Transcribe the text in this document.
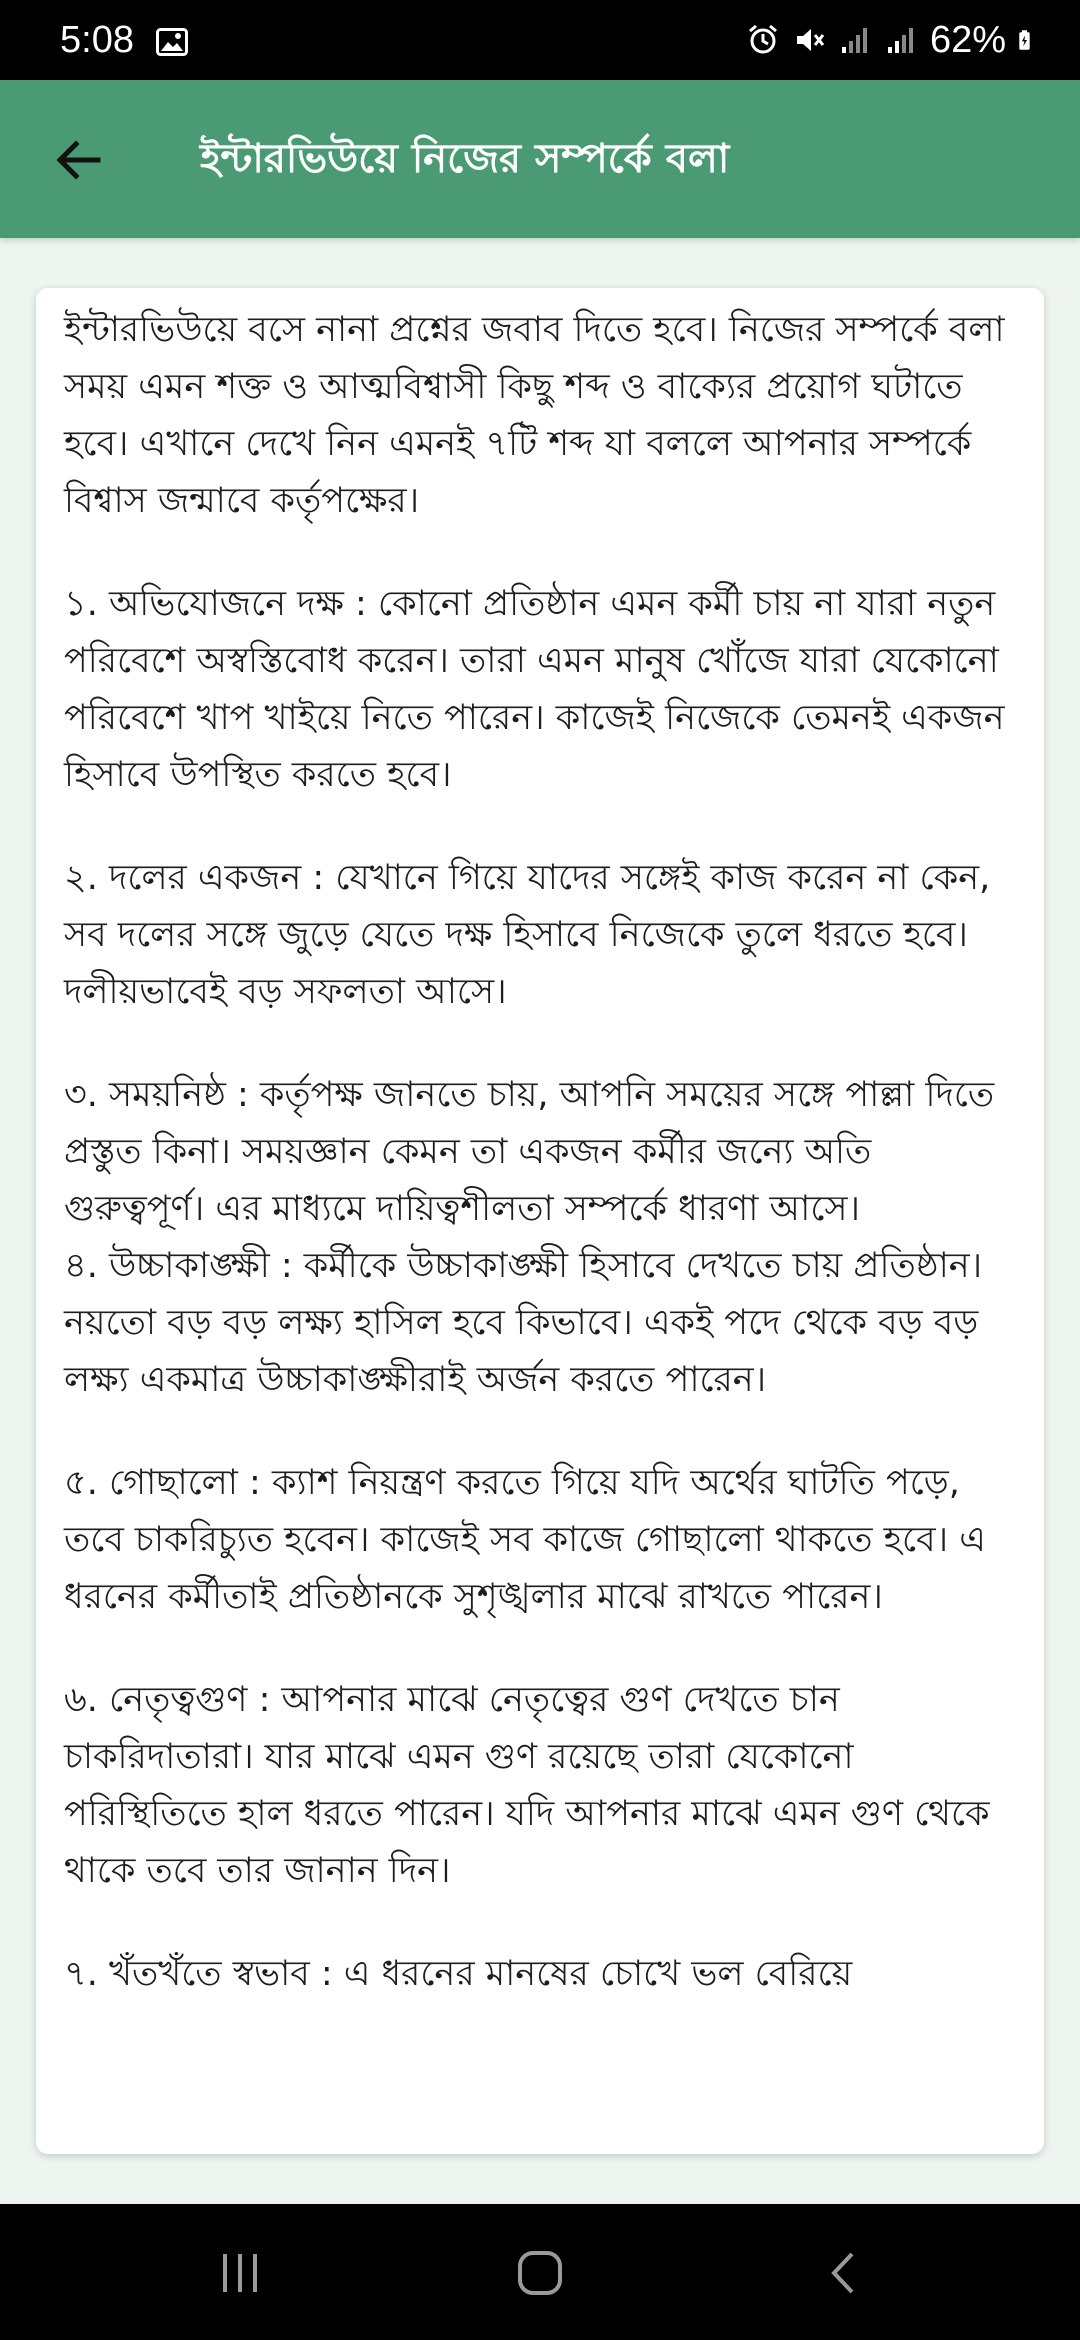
5:08	62%
ইন্টারভিউয়ে নিজের সম্পর্কে বলা

ইন্টারভিউয়ে বসে নানা প্রশ্নের জবাব দিতে হবে। নিজের সম্পর্কে বলা সময় এমন শক্ত ও আত্মবিশ্বাসী কিছু শব্দ ও বাক্যের প্রয়োগ ঘটাতে হবে। এখানে দেখে নিন এমনই ৭টি শব্দ যা বললে আপনার সম্পর্কে বিশ্বাস জন্মাবে কর্তৃপক্ষের।

১. অভিযোজনে দক্ষ : কোনো প্রতিষ্ঠান এমন কর্মী চায় না যারা নতুন পরিবেশে অস্বস্তিবোধ করেন। তারা এমন মানুষ খোঁজে যারা যেকোনো পরিবেশে খাপ খাইয়ে নিতে পারেন। কাজেই নিজেকে তেমনই একজন হিসাবে উপস্থিত করতে হবে।

২. দলের একজন : যেখানে গিয়ে যাদের সঙ্গেই কাজ করেন না কেন, সব দলের সঙ্গে জুড়ে যেতে দক্ষ হিসাবে নিজেকে তুলে ধরতে হবে। দলীয়ভাবেই বড় সফলতা আসে।

৩. সময়নিষ্ঠ : কর্তৃপক্ষ জানতে চায়, আপনি সময়ের সঙ্গে পাল্লা দিতে প্রস্তুত কিনা। সময়জ্ঞান কেমন তা একজন কর্মীর জন্যে অতি গুরুত্বপূর্ণ। এর মাধ্যমে দায়িত্বশীলতা সম্পর্কে ধারণা আসে।

৪. উচ্চাকাঙ্ক্ষী : কর্মীকে উচ্চাকাঙ্ক্ষী হিসাবে দেখতে চায় প্রতিষ্ঠান। নয়তো বড় বড় লক্ষ্য হাসিল হবে কিভাবে। একই পদে থেকে বড় বড় লক্ষ্য একমাত্র উচ্চাকাঙ্ক্ষীরাই অর্জন করতে পারেন।

৫. গোছালো : ক্যাশ নিয়ন্ত্রণ করতে গিয়ে যদি অর্থের ঘাটতি পড়ে, তবে চাকরিচ্যুত হবেন। কাজেই সব কাজে গোছালো থাকতে হবে। এ ধরনের কর্মীতাই প্রতিষ্ঠানকে সুশৃঙ্খলার মাঝে রাখতে পারেন।

৬. নেতৃত্বগুণ : আপনার মাঝে নেতৃত্বের গুণ দেখতে চান চাকরিদাতারা। যার মাঝে এমন গুণ রয়েছে তারা যেকোনো পরিস্থিতিতে হাল ধরতে পারেন। যদি আপনার মাঝে এমন গুণ থেকে থাকে তবে তার জানান দিন।

৭. খঁতখঁতে স্বভাব : এ ধরনের মানষের চোখে ভল বেরিয়ে
